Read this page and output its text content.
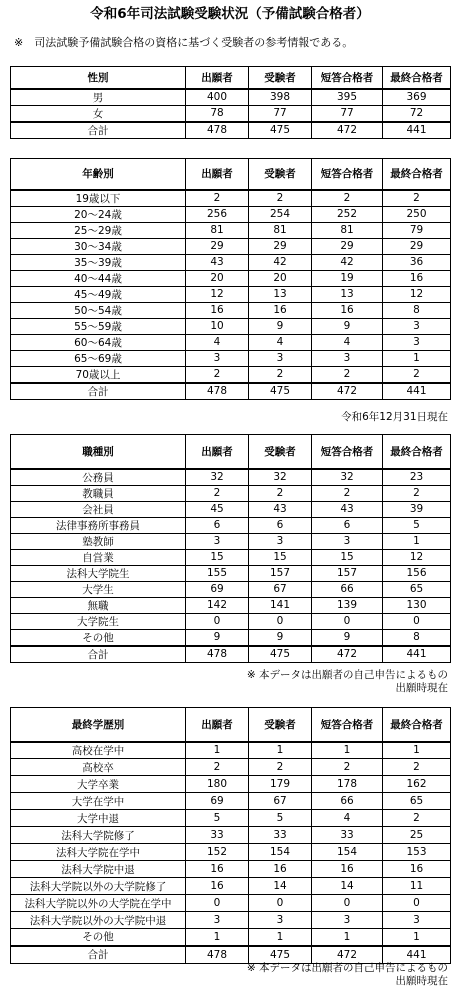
令和6年司法試験受験状況（予備試験合格者）
※　司法試験予備試験合格の資格に基づく受験者の参考情報である。
性別	出願者	受験者	短答合格者	最終合格者
男	400	398	395	369
女	78	77	77	72
合計	478	475	472	441
年齢別	出願者	受験者	短答合格者	最終合格者
19歳以下	2	2	2	2
20～24歳	256	254	252	250
25～29歳	81	81	81	79
30～34歳	29	29	29	29
35～39歳	43	42	42	36
40～44歳	20	20	19	16
45～49歳	12	13	13	12
50～54歳	16	16	16	8
55～59歳	10	9	9	3
60～64歳	4	4	4	3
65～69歳	3	3	3	1
70歳以上	2	2	2	2
合計	478	475	472	441
令和6年12月31日現在
職種別	出願者	受験者	短答合格者	最終合格者
公務員	32	32	32	23
教職員	2	2	2	2
会社員	45	43	43	39
法律事務所事務員	6	6	6	5
塾教師	3	3	3	1
自営業	15	15	15	12
法科大学院生	155	157	157	156
大学生	69	67	66	65
無職	142	141	139	130
大学院生	0	0	0	0
その他	9	9	9	8
合計	478	475	472	441
※ 本データは出願者の自己申告によるもの
出願時現在
最終学歴別	出願者	受験者	短答合格者	最終合格者
高校在学中	1	1	1	1
高校卒	2	2	2	2
大学卒業	180	179	178	162
大学在学中	69	67	66	65
大学中退	5	5	4	2
法科大学院修了	33	33	33	25
法科大学院在学中	152	154	154	153
法科大学院中退	16	16	16	16
法科大学院以外の大学院修了	16	14	14	11
法科大学院以外の大学院在学中	0	0	0	0
法科大学院以外の大学院中退	3	3	3	3
その他	1	1	1	1
合計	478	475	472	441
※ 本データは出願者の自己申告によるもの
出願時現在
